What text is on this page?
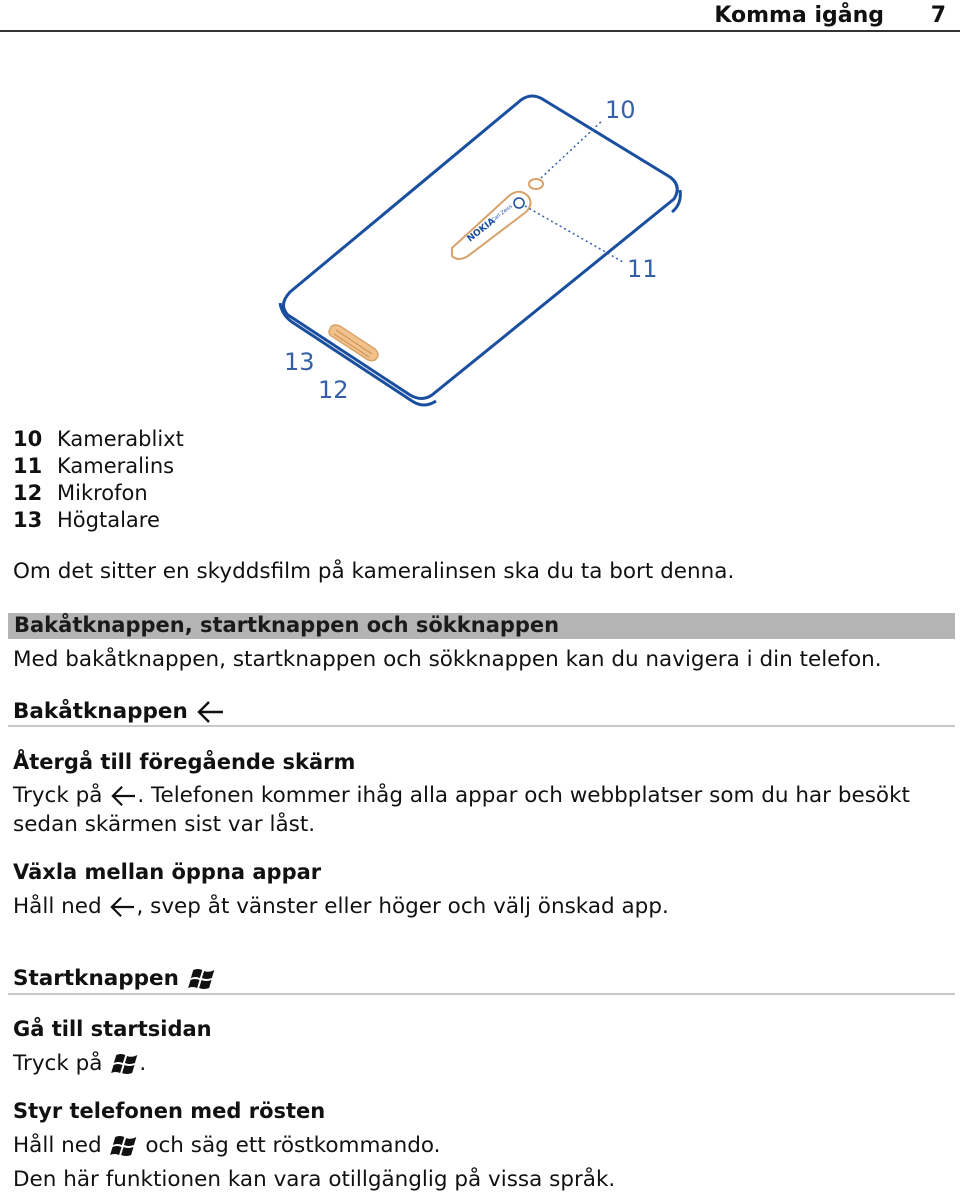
Komma igång 7
NOKIA
Carl Zeiss
10
11
12
13
10 Kamerablixt
11 Kameralins
12 Mikrofon
13 Högtalare
Om det sitter en skyddsfilm på kameralinsen ska du ta bort denna.
Bakåtknappen, startknappen och sökknappen
Med bakåtknappen, startknappen och sökknappen kan du navigera i din telefon.
Bakåtknappen
Återgå till föregående skärm
Tryck på . Telefonen kommer ihåg alla appar och webbplatser som du har besökt
sedan skärmen sist var låst.
Växla mellan öppna appar
Håll ned , svep åt vänster eller höger och välj önskad app.
Startknappen
Gå till startsidan
Tryck på .
Styr telefonen med rösten
Håll ned och säg ett röstkommando.
Den här funktionen kan vara otillgänglig på vissa språk.
